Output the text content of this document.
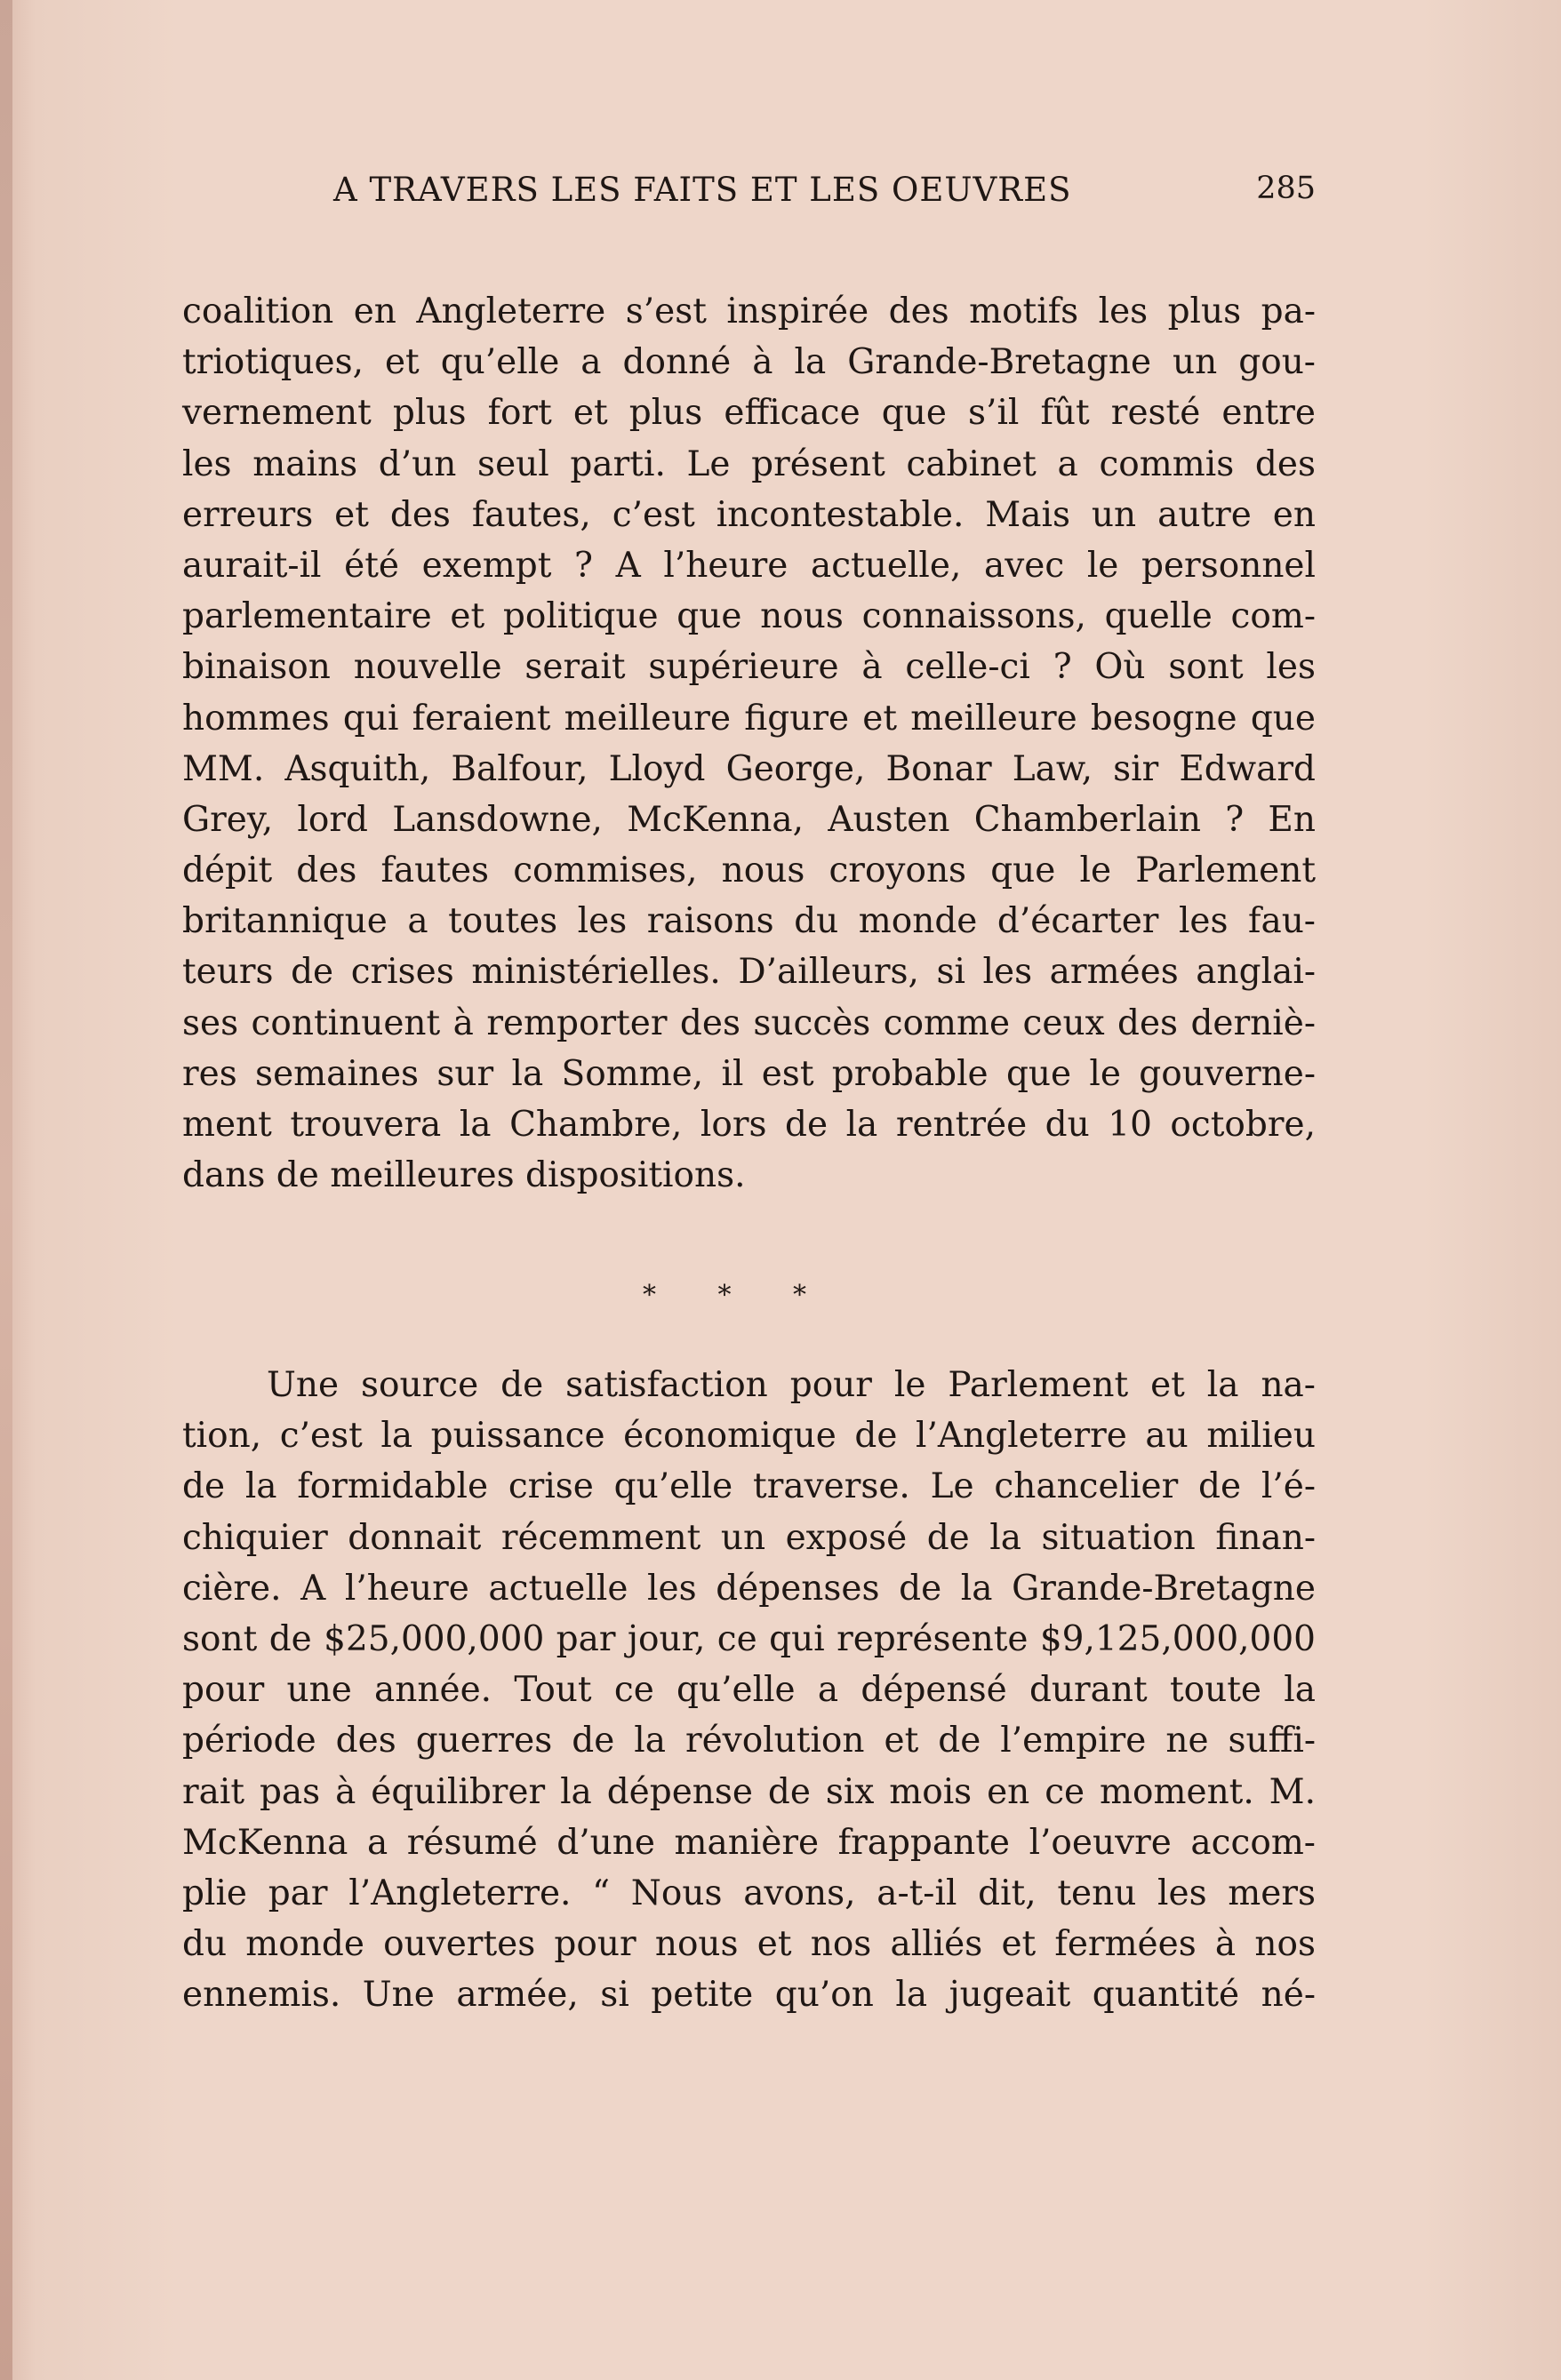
A TRAVERS LES FAITS ET LES OEUVRES	285
coalition en Angleterre s’est inspirée des motifs les plus pa-
triotiques, et qu’elle a donné à la Grande-Bretagne un gou-
vernement plus fort et plus efficace que s’il fût resté entre
les mains d’un seul parti. Le présent cabinet a commis des
erreurs et des fautes, c’est incontestable. Mais un autre en
aurait-il été exempt ? A l’heure actuelle, avec le personnel
parlementaire et politique que nous connaissons, quelle com-
binaison nouvelle serait supérieure à celle-ci ? Où sont les
hommes qui feraient meilleure figure et meilleure besogne que
MM. Asquith, Balfour, Lloyd George, Bonar Law, sir Edward
Grey, lord Lansdowne, McKenna, Austen Chamberlain ? En
dépit des fautes commises, nous croyons que le Parlement
britannique a toutes les raisons du monde d’écarter les fau-
teurs de crises ministérielles. D’ailleurs, si les armées anglai-
ses continuent à remporter des succès comme ceux des derniè-
res semaines sur la Somme, il est probable que le gouverne-
ment trouvera la Chambre, lors de la rentrée du 10 octobre,
dans de meilleures dispositions.
* * *
Une source de satisfaction pour le Parlement et la na-
tion, c’est la puissance économique de l’Angleterre au milieu
de la formidable crise qu’elle traverse. Le chancelier de l’é-
chiquier donnait récemment un exposé de la situation finan-
cière. A l’heure actuelle les dépenses de la Grande-Bretagne
sont de $25,000,000 par jour, ce qui représente $9,125,000,000
pour une année. Tout ce qu’elle a dépensé durant toute la
période des guerres de la révolution et de l’empire ne suffi-
rait pas à équilibrer la dépense de six mois en ce moment. M.
McKenna a résumé d’une manière frappante l’oeuvre accom-
plie par l’Angleterre. “ Nous avons, a-t-il dit, tenu les mers
du monde ouvertes pour nous et nos alliés et fermées à nos
ennemis. Une armée, si petite qu’on la jugeait quantité né-
